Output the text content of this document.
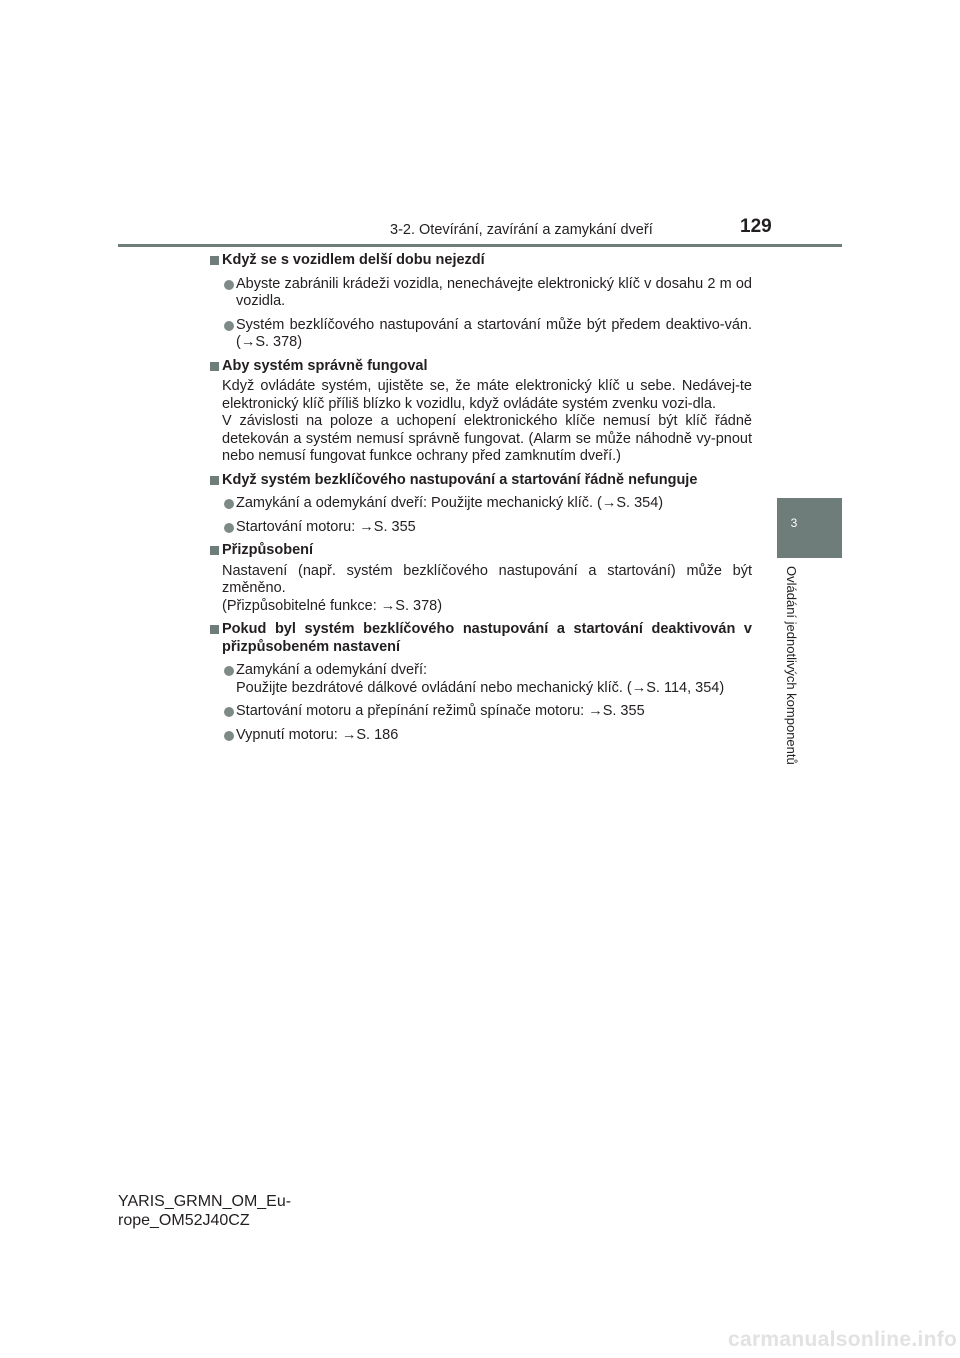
3-2. Otevírání, zavírání a zamykání dveří	129
3
Ovládání jednotlivých komponentů
Když se s vozidlem delší dobu nejezdí
Abyste zabránili krádeži vozidla, nenechávejte elektronický klíč v dosahu 2 m od vozidla.
Systém bezklíčového nastupování a startování může být předem deaktivo-ván. (→S. 378)
Aby systém správně fungoval
Když ovládáte systém, ujistěte se, že máte elektronický klíč u sebe. Nedávej-te elektronický klíč příliš blízko k vozidlu, když ovládáte systém zvenku vozi-dla.
V závislosti na poloze a uchopení elektronického klíče nemusí být klíč řádně detekován a systém nemusí správně fungovat. (Alarm se může náhodně vy-pnout nebo nemusí fungovat funkce ochrany před zamknutím dveří.)
Když systém bezklíčového nastupování a startování řádně nefunguje
Zamykání a odemykání dveří: Použijte mechanický klíč. (→S. 354)
Startování motoru: →S. 355
Přizpůsobení
Nastavení (např. systém bezklíčového nastupování a startování) může být změněno.
(Přizpůsobitelné funkce: →S. 378)
Pokud byl systém bezklíčového nastupování a startování deaktivován v přizpůsobeném nastavení
Zamykání a odemykání dveří:
Použijte bezdrátové dálkové ovládání nebo mechanický klíč. (→S. 114, 354)
Startování motoru a přepínání režimů spínače motoru: →S. 355
Vypnutí motoru: →S. 186
YARIS_GRMN_OM_Eu-
rope_OM52J40CZ
carmanualsonline.info
